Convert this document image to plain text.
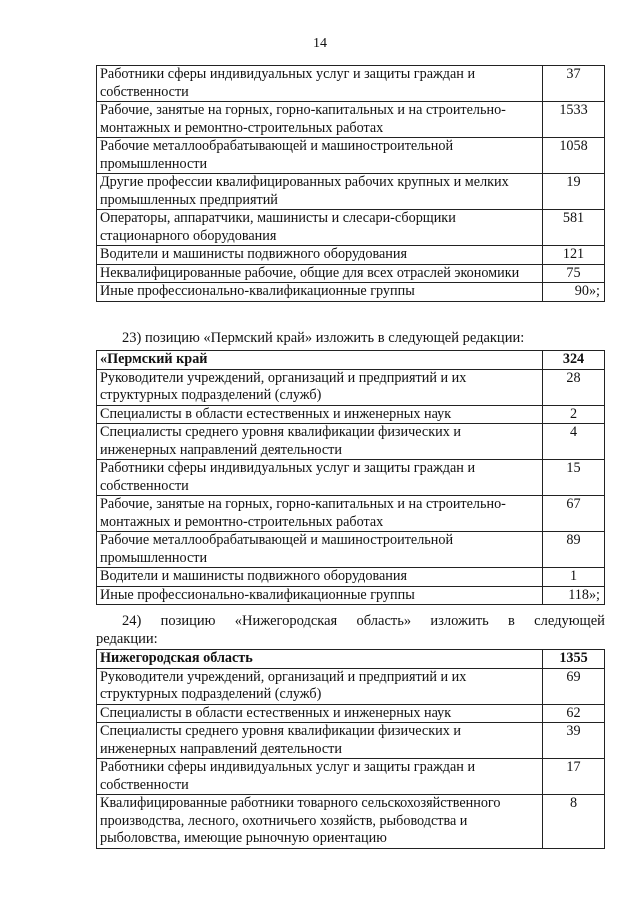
14
Работники сферы индивидуальных услуг и защиты граждан и собственности	37
Рабочие, занятые на горных, горно-капитальных и на строительно-монтажных и ремонтно-строительных работах	1533
Рабочие металлообрабатывающей и машиностроительной промышленности	1058
Другие профессии квалифицированных рабочих крупных и мелких промышленных предприятий	19
Операторы, аппаратчики, машинисты и слесари-сборщики стационарного оборудования	581
Водители и машинисты подвижного оборудования	121
Неквалифицированные рабочие, общие для всех отраслей экономики	75
Иные профессионально-квалификационные группы	90»;
23) позицию «Пермский край» изложить в следующей редакции:
«Пермский край	324
Руководители учреждений, организаций и предприятий и их структурных подразделений (служб)	28
Специалисты в области естественных и инженерных наук	2
Специалисты среднего уровня квалификации физических и инженерных направлений деятельности	4
Работники сферы индивидуальных услуг и защиты граждан и собственности	15
Рабочие, занятые на горных, горно-капитальных и на строительно-монтажных и ремонтно-строительных работах	67
Рабочие металлообрабатывающей и машиностроительной промышленности	89
Водители и машинисты подвижного оборудования	1
Иные профессионально-квалификационные группы	118»;
24) позицию «Нижегородская область» изложить в следующей
редакции:
Нижегородская область	1355
Руководители учреждений, организаций и предприятий и их структурных подразделений (служб)	69
Специалисты в области естественных и инженерных наук	62
Специалисты среднего уровня квалификации физических и инженерных направлений деятельности	39
Работники сферы индивидуальных услуг и защиты граждан и собственности	17
Квалифицированные работники товарного сельскохозяйственного производства, лесного, охотничьего хозяйств, рыбоводства и рыболовства, имеющие рыночную ориентацию	8
